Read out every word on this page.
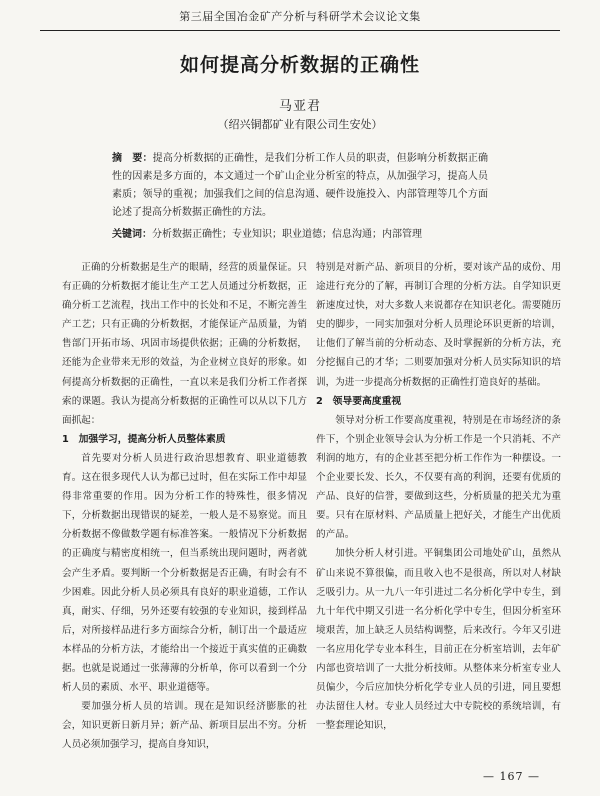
第三届全国冶金矿产分析与科研学术会议论文集
如何提高分析数据的正确性
马亚君
（绍兴铜都矿业有限公司生安处）
摘　要：提高分析数据的正确性，是我们分析工作人员的职责，但影响分析数据正确性的因素是多方面的，本文通过一个矿山企业分析室的特点，从加强学习，提高人员素质；领导的重视；加强我们之间的信息沟通、硬件设施投入、内部管理等几个方面论述了提高分析数据正确性的方法。
关键词：分析数据正确性；专业知识；职业道德；信息沟通；内部管理

正确的分析数据是生产的眼睛，经营的质量保证。只有正确的分析数据才能让生产工艺人员通过分析数据，正确分析工艺流程，找出工作中的长处和不足，不断完善生产工艺；只有正确的分析数据，才能保证产品质量，为销售部门开拓市场、巩固市场提供依据；正确的分析数据，还能为企业带来无形的效益，为企业树立良好的形象。如何提高分析数据的正确性，一直以来是我们分析工作者探索的课题。我认为提高分析数据的正确性可以从以下几方面抓起：

1　加强学习，提高分析人员整体素质

首先要对分析人员进行政治思想教育、职业道德教育。这在很多现代人认为都已过时，但在实际工作中却显得非常重要的作用。因为分析工作的特殊性，很多情况下，分析数据出现错误的疑差，一般人是不易察觉。而且分析数据不像做数学题有标准答案。一般情况下分析数据的正确度与精密度相统一，但当系统出现问题时，两者就会产生矛盾。要判断一个分析数据是否正确，有时会有不少困难。因此分析人员必须具有良好的职业道德，工作认真，耐实、仔细，另外还要有较强的专业知识，接到样品后，对所接样品进行多方面综合分析，制订出一个最适应本样品的分析方法，才能给出一个接近于真实值的正确数据。也就是说通过一张薄薄的分析单，你可以看到一个分析人员的素质、水平、职业道德等。

要加强分析人员的培训。现在是知识经济膨胀的社会，知识更新日新月异；新产品、新项目层出不穷。分析人员必须加强学习，提高自身知识，

特别是对新产品、新项目的分析，要对该产品的成份、用途进行充分的了解，再制订合理的分析方法。自学知识更新速度过快，对大多数人来说都存在知识老化。需要随历史的脚步，一同实加强对分析人员理论环识更新的培训，让他们了解当前的分析动态、及时掌握新的分析方法，充分挖掘自己的才华；二则要加强对分析人员实际知识的培训，为进一步提高分析数据的正确性打造良好的基础。

2　领导要高度重视

领导对分析工作要高度重视，特别是在市场经济的条件下，个别企业领导会认为分析工作是一个只消耗、不产利润的地方，有的企业甚至把分析工作作为一种摆设。一个企业要长发、长久，不仅要有高的利润，还要有优质的产品、良好的信誉，要做到这些，分析质量的把关尤为重要。只有在原材料、产品质量上把好关，才能生产出优质的产品。

加快分析人材引进。平铜集团公司地处矿山，虽然从矿山来说不算很偏，而且收入也不是很高，所以对人材缺乏吸引力。从一九八一年引进过二名分析化学中专生，到九十年代中期又引进一名分析化学中专生，但因分析室环境艰苦，加上缺乏人员结构调整，后来改行。今年又引进一名应用化学专业本科生，目前正在分析室培训，去年矿内部也资培训了一大批分析技师。从整体来分析室专业人员偏少，今后应加快分析化学专业人员的引进，同且要想办法留住人材。专业人员经过大中专院校的系统培训，有一整套理论知识，

— 167 —
